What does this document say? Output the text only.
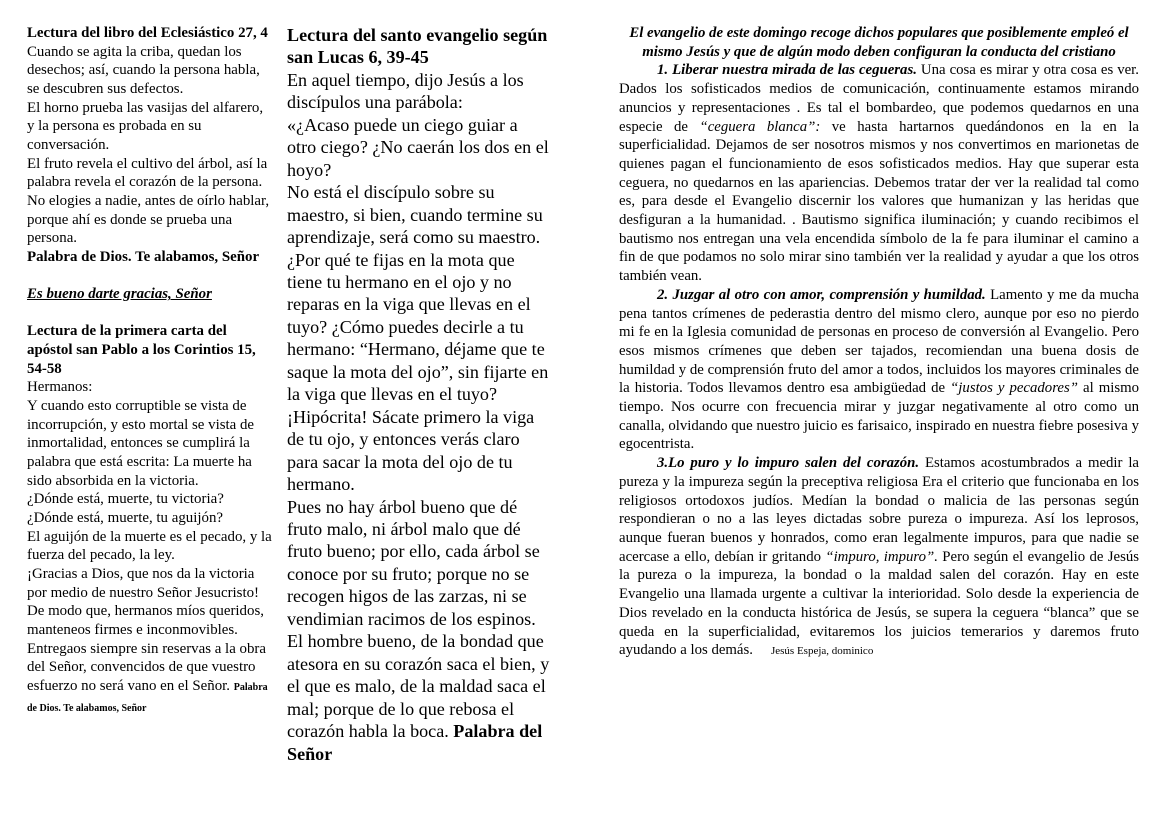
Lectura del libro del Eclesiástico 27, 4

Cuando se agita la criba, quedan los desechos; así, cuando la persona habla, se descubren sus defectos.

El horno prueba las vasijas del alfarero, y la persona es probada en su conversación.

El fruto revela el cultivo del árbol, así la palabra revela el corazón de la persona.

No elogies a nadie, antes de oírlo hablar, porque ahí es donde se prueba una persona.

Palabra de Dios. Te alabamos, Señor

Es bueno darte gracias, Señor

Lectura de la primera carta del apóstol san Pablo a los Corintios 15, 54-58

Hermanos:

Y cuando esto corruptible se vista de incorrupción, y esto mortal se vista de inmortalidad, entonces se cumplirá la palabra que está escrita: La muerte ha sido absorbida en la victoria.

¿Dónde está, muerte, tu victoria?

¿Dónde está, muerte, tu aguijón?

El aguijón de la muerte es el pecado, y la fuerza del pecado, la ley.

¡Gracias a Dios, que nos da la victoria por medio de nuestro Señor Jesucristo!

De modo que, hermanos míos queridos, manteneos firmes e inconmovibles. Entregaos siempre sin reservas a la obra del Señor, convencidos de que vuestro esfuerzo no será vano en el Señor. Palabra de Dios. Te alabamos, Señor

Lectura del santo evangelio según san Lucas 6, 39-45

En aquel tiempo, dijo Jesús a los discípulos una parábola:

«¿Acaso puede un ciego guiar a otro ciego? ¿No caerán los dos en el hoyo?

No está el discípulo sobre su maestro, si bien, cuando termine su aprendizaje, será como su maestro.

¿Por qué te fijas en la mota que tiene tu hermano en el ojo y no reparas en la viga que llevas en el tuyo? ¿Cómo puedes decirle a tu hermano: “Hermano, déjame que te saque la mota del ojo”, sin fijarte en la viga que llevas en el tuyo? ¡Hipócrita! Sácate primero la viga de tu ojo, y entonces verás claro para sacar la mota del ojo de tu hermano.

Pues no hay árbol bueno que dé fruto malo, ni árbol malo que dé fruto bueno; por ello, cada árbol se conoce por su fruto; porque no se recogen higos de las zarzas, ni se vendimian racimos de los espinos.

El hombre bueno, de la bondad que atesora en su corazón saca el bien, y el que es malo, de la maldad saca el mal; porque de lo que rebosa el corazón habla la boca. Palabra del Señor

El evangelio de este domingo recoge dichos populares que posiblemente empleó el mismo Jesús y que de algún modo deben configuran la conducta del cristiano

1. Liberar nuestra mirada de las cegueras. Una cosa es mirar y otra cosa es ver. Dados los sofisticados medios de comunicación, continuamente estamos mirando anuncios y representaciones . Es tal el bombardeo, que podemos quedarnos en una especie de “ceguera blanca”: ve hasta hartarnos quedándonos en la en la superficialidad. Dejamos de ser nosotros mismos y nos convertimos en marionetas de quienes pagan el funcionamiento de esos sofisticados medios. Hay que superar esta ceguera, no quedarnos en las apariencias. Debemos tratar der ver la realidad tal como es, para desde el Evangelio discernir los valores que humanizan y las heridas que desfiguran a la humanidad. . Bautismo significa iluminación; y cuando recibimos el bautismo nos entregan una vela encendida símbolo de la fe para iluminar el camino a fin de que podamos no solo mirar sino también ver la realidad y ayudar a que los otros también vean.

2. Juzgar al otro con amor, comprensión y humildad. Lamento y me da mucha pena tantos crímenes de pederastia dentro del mismo clero, aunque por eso no pierdo mi fe en la Iglesia comunidad de personas en proceso de conversión al Evangelio. Pero esos mismos crímenes que deben ser tajados, recomiendan una buena dosis de humildad y de comprensión fruto del amor a todos, incluidos los mayores criminales de la historia. Todos llevamos dentro esa ambigüedad de “justos y pecadores” al mismo tiempo. Nos ocurre con frecuencia mirar y juzgar negativamente al otro como un canalla, olvidando que nuestro juicio es farisaico, inspirado en nuestra fiebre posesiva y egocentrista.

3.Lo puro y lo impuro salen del corazón. Estamos acostumbrados a medir la pureza y la impureza según la preceptiva religiosa Era el criterio que funcionaba en los religiosos ortodoxos judíos. Medían la bondad o malicia de las personas según respondieran o no a las leyes dictadas sobre pureza o impureza. Así los leprosos, aunque fueran buenos y honrados, como eran legalmente impuros, para que nadie se acercase a ello, debían ir gritando “impuro, impuro”. Pero según el evangelio de Jesús la pureza o la impureza, la bondad o la maldad salen del corazón. Hay en este Evangelio una llamada urgente a cultivar la interioridad. Solo desde la experiencia de Dios revelado en la conducta histórica de Jesús, se supera la ceguera “blanca” que se queda en la superficialidad, evitaremos los juicios temerarios y daremos fruto ayudando a los demás. Jesús Espeja, dominico
